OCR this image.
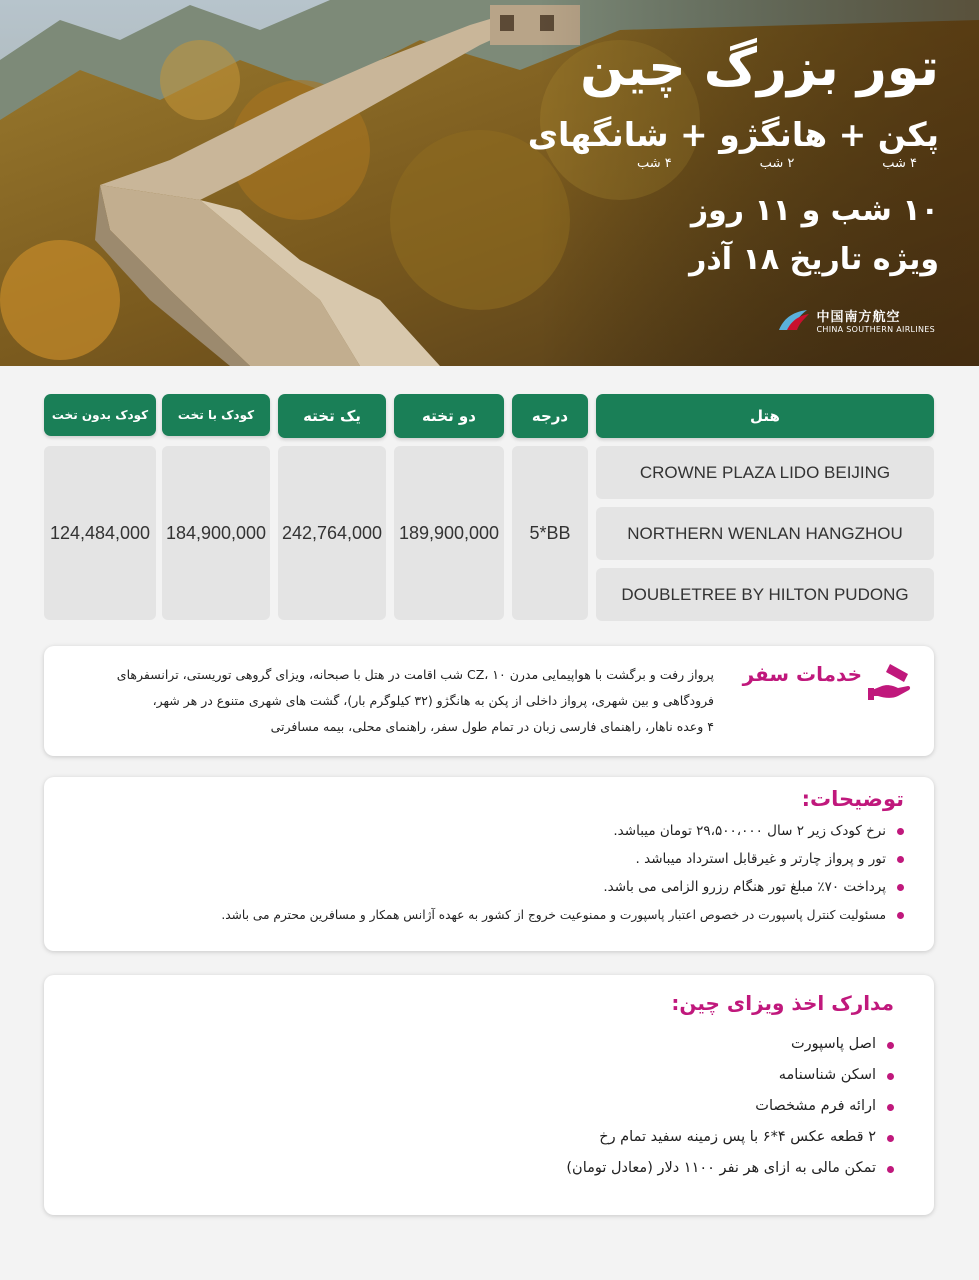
تور بزرگ چین
پکن + هانگژو + شانگهای
۴ شب
۲ شب
۴ شب
۱۰ شب و ۱۱ روز
ویژه تاریخ ۱۸ آذر
中国南方航空
CHINA SOUTHERN AIRLINES
هتل
درجه
دو تخته
یک تخته
کودک با تخت
کودک بدون تخت
5*BB
189,900,000
242,764,000
184,900,000
124,484,000
CROWNE PLAZA LIDO BEIJING
NORTHERN WENLAN HANGZHOU
DOUBLETREE BY HILTON PUDONG
خدمات سفر
پرواز رفت و برگشت با هواپیمایی مدرن CZ، ۱۰ شب اقامت در هتل با صبحانه، ویزای گروهی توریستی، ترانسفرهای
فرودگاهی و بین شهری، پرواز داخلی از پکن به هانگژو (۳۲ کیلوگرم بار)، گشت های شهری متنوع در هر شهر،
۴ وعده ناهار، راهنمای فارسی زبان در تمام طول سفر، راهنمای محلی، بیمه مسافرتی
توضیحات:
نرخ کودک زیر ۲ سال ۲۹،۵۰۰،۰۰۰ تومان میباشد.
تور و پرواز چارتر و غیرقابل استرداد میباشد .
پرداخت ۷۰٪ مبلغ تور هنگام رزرو الزامی می باشد.
مسئولیت کنترل پاسپورت در خصوص اعتبار پاسپورت و ممنوعیت خروج از کشور به عهده آژانس همکار و مسافرین محترم می باشد.
مدارک اخذ ویزای چین:
اصل پاسپورت
اسکن شناسنامه
ارائه فرم مشخصات
۲ قطعه عکس ۴*۶ با پس زمینه سفید تمام رخ
تمکن مالی به ازای هر نفر ۱۱۰۰ دلار (معادل تومان)
